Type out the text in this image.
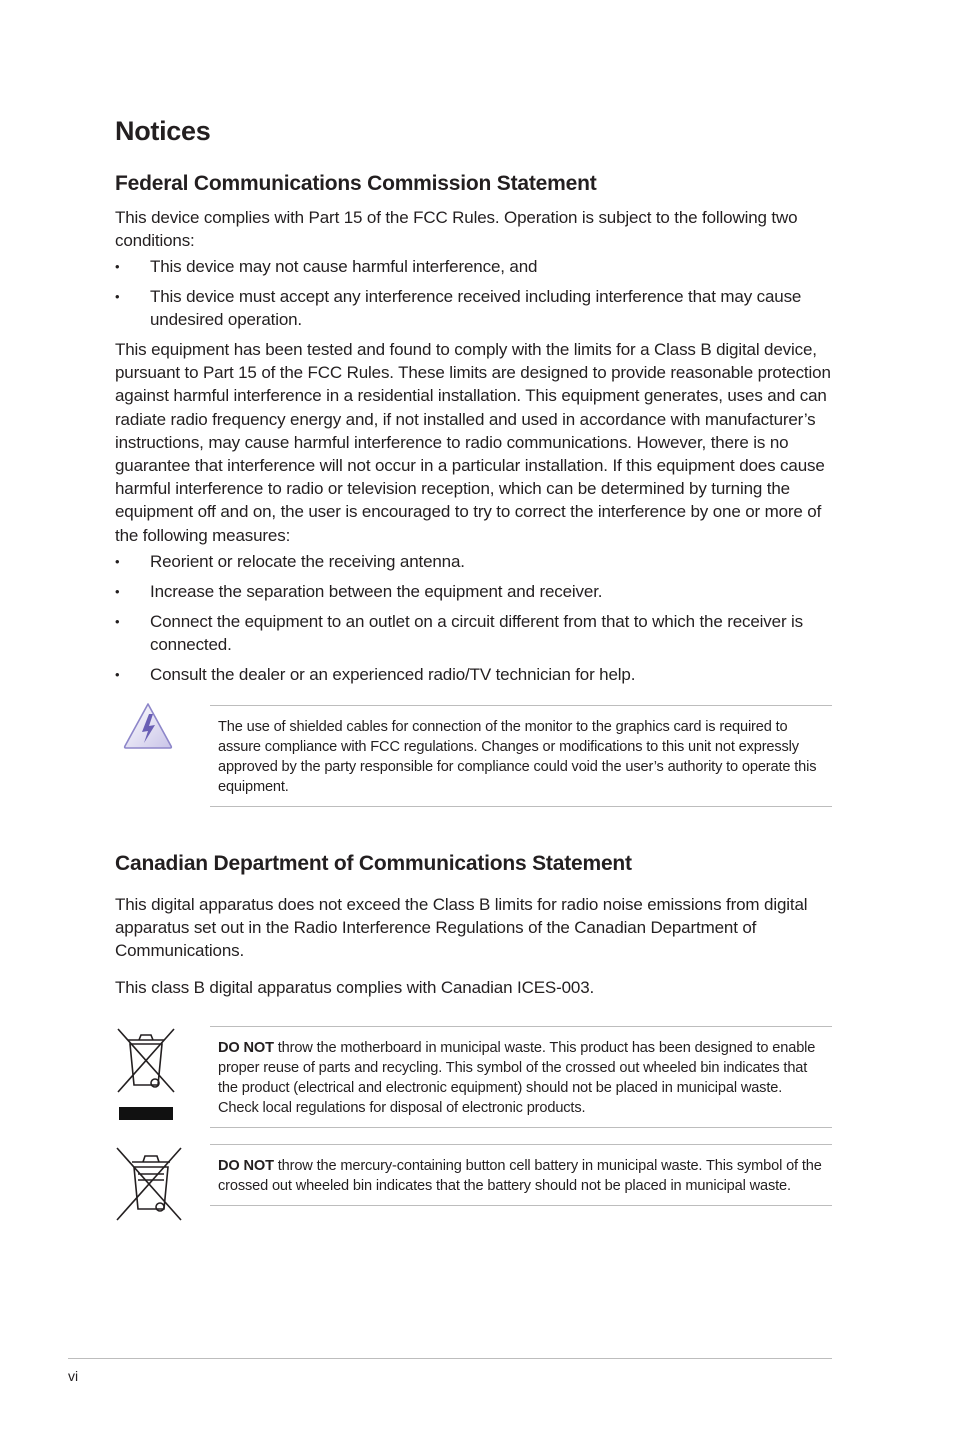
Notices
Federal Communications Commission Statement

This device complies with Part 15 of the FCC Rules. Operation is subject to the following two conditions:

• This device may not cause harmful interference, and
• This device must accept any interference received including interference that may cause undesired operation.

This equipment has been tested and found to comply with the limits for a Class B digital device, pursuant to Part 15 of the FCC Rules. These limits are designed to provide reasonable protection against harmful interference in a residential installation. This equipment generates, uses and can radiate radio frequency energy and, if not installed and used in accordance with manufacturer’s instructions, may cause harmful interference to radio communications. However, there is no guarantee that interference will not occur in a particular installation. If this equipment does cause harmful interference to radio or television reception, which can be determined by turning the equipment off and on, the user is encouraged to try to correct the interference by one or more of the following measures:

• Reorient or relocate the receiving antenna.
• Increase the separation between the equipment and receiver.
• Connect the equipment to an outlet on a circuit different from that to which the receiver is connected.
• Consult the dealer or an experienced radio/TV technician for help.

The use of shielded cables for connection of the monitor to the graphics card is required to assure compliance with FCC regulations. Changes or modifications to this unit not expressly approved by the party responsible for compliance could void the user’s authority to operate this equipment.

Canadian Department of Communications Statement

This digital apparatus does not exceed the Class B limits for radio noise emissions from digital apparatus set out in the Radio Interference Regulations of the Canadian Department of Communications.

This class B digital apparatus complies with Canadian ICES-003.

DO NOT throw the motherboard in municipal waste. This product has been designed to enable proper reuse of parts and recycling. This symbol of the crossed out wheeled bin indicates that the product (electrical and electronic equipment) should not be placed in municipal waste. Check local regulations for disposal of electronic products.

DO NOT throw the mercury-containing button cell battery in municipal waste. This symbol of the crossed out wheeled bin indicates that the battery should not be placed in municipal waste.

vi
